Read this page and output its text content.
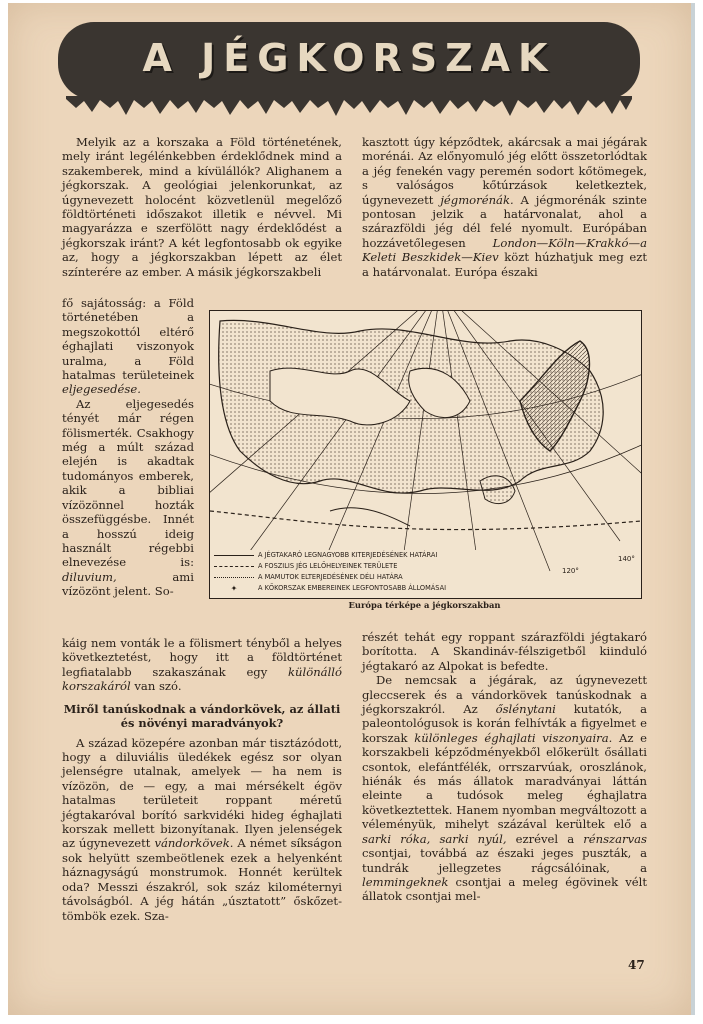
A JÉGKORSZAK

Melyik az a korszaka a Föld történetének, mely iránt legélénkebben érdeklődnek mind a szakemberek, mind a kívülállók? Alighanem a jégkorszak. A geológiai jelenkorunkat, az úgynevezett holocént közvetlenül megelőző földtörténeti időszakot illetik e névvel. Mi magyarázza e szerfölött nagy érdeklődést a jégkorszak iránt? A két legfontosabb ok egyike az, hogy a jégkorszakban lépett az élet színterére az ember. A másik jégkorszakbeli

fő sajátosság: a Föld történetében a megszokottól eltérő éghajlati viszonyok uralma, a Föld hatalmas területeinek eljegesedése.

Az eljegesedés tényét már régen fölismerték. Csakhogy még a múlt század elején is akadtak tudományos emberek, akik a bibliai vízözönnel hozták összefüggésbe. Innét a hosszú ideig használt régebbi elnevezése is: diluvium, ami vízözönt jelent. So-

kasztott úgy képződtek, akárcsak a mai jégárak morénái. Az előnyomuló jég előtt összetorlódtak a jég fenekén vagy peremén sodort kőtömegek, s valóságos kőtúrzások keletkeztek, úgynevezett jégmorénák. A jégmorénák szinte pontosan jelzik a határvonalat, ahol a szárazföldi jég dél felé nyomult. Európában hozzávetőlegesen London—Köln—Krakkó—a Keleti Beszkidek—Kiev közt húzhatjuk meg ezt a határvonalat. Európa északi

120°
140°
A JÉGTAKARÓ LEGNAGYOBB KITERJEDÉSÉNEK HATÁRAI
A FOSZILIS JÉG LELŐHELYEINEK TERÜLETE
A MAMUTOK ELTERJEDÉSÉNEK DÉLI HATÁRA
✦	A KŐKORSZAK EMBEREINEK LEGFONTOSABB ÁLLOMÁSAI
Európa térképe a jégkorszakban

káig nem vonták le a fölismert tényből a helyes következtetést, hogy itt a földtörténet legfiatalabb szakaszának egy különálló korszakáról van szó.

Miről tanúskodnak a vándorkövek, az állati és növényi maradványok?

A század közepére azonban már tisztázódott, hogy a diluviális üledékek egész sor olyan jelenségre utalnak, amelyek — ha nem is vízözön, de — egy, a mai mérsékelt égöv hatalmas területeit roppant méretű jégtakaróval borító sarkvidéki hideg éghajlati korszak mellett bizonyítanak. Ilyen jelenségek az úgynevezett vándorkövek. A német síkságon sok helyütt szembeötlenek ezek a helyenként háznagyságú monstrumok. Honnét kerültek oda? Messzi északról, sok száz kilométernyi távolságból. A jég hátán „úsztatott” őskőzet-tömbök ezek. Sza-

részét tehát egy roppant szárazföldi jégtakaró borította. A Skandináv-félszigetből kiinduló jégtakaró az Alpokat is befedte.

De nemcsak a jégárak, az úgynevezett gleccserek és a vándorkövek tanúskodnak a jégkorszakról. Az őslénytani kutatók, a paleontológusok is korán felhívták a figyelmet e korszak különleges éghajlati viszonyaira. Az e korszakbeli képződményekből előkerült ősállati csontok, elefántfélék, orrszarvúak, oroszlánok, hiénák és más állatok maradványai láttán eleinte a tudósok meleg éghajlatra következtettek. Hanem nyomban megváltozott a véleményük, mihelyt százával kerültek elő a sarki róka, sarki nyúl, ezrével a rénszarvas csontjai, továbbá az északi jeges puszták, a tundrák jellegzetes rágcsálóinak, a lemmingeknek csontjai a meleg égövinek vélt állatok csontjai mel-

47
